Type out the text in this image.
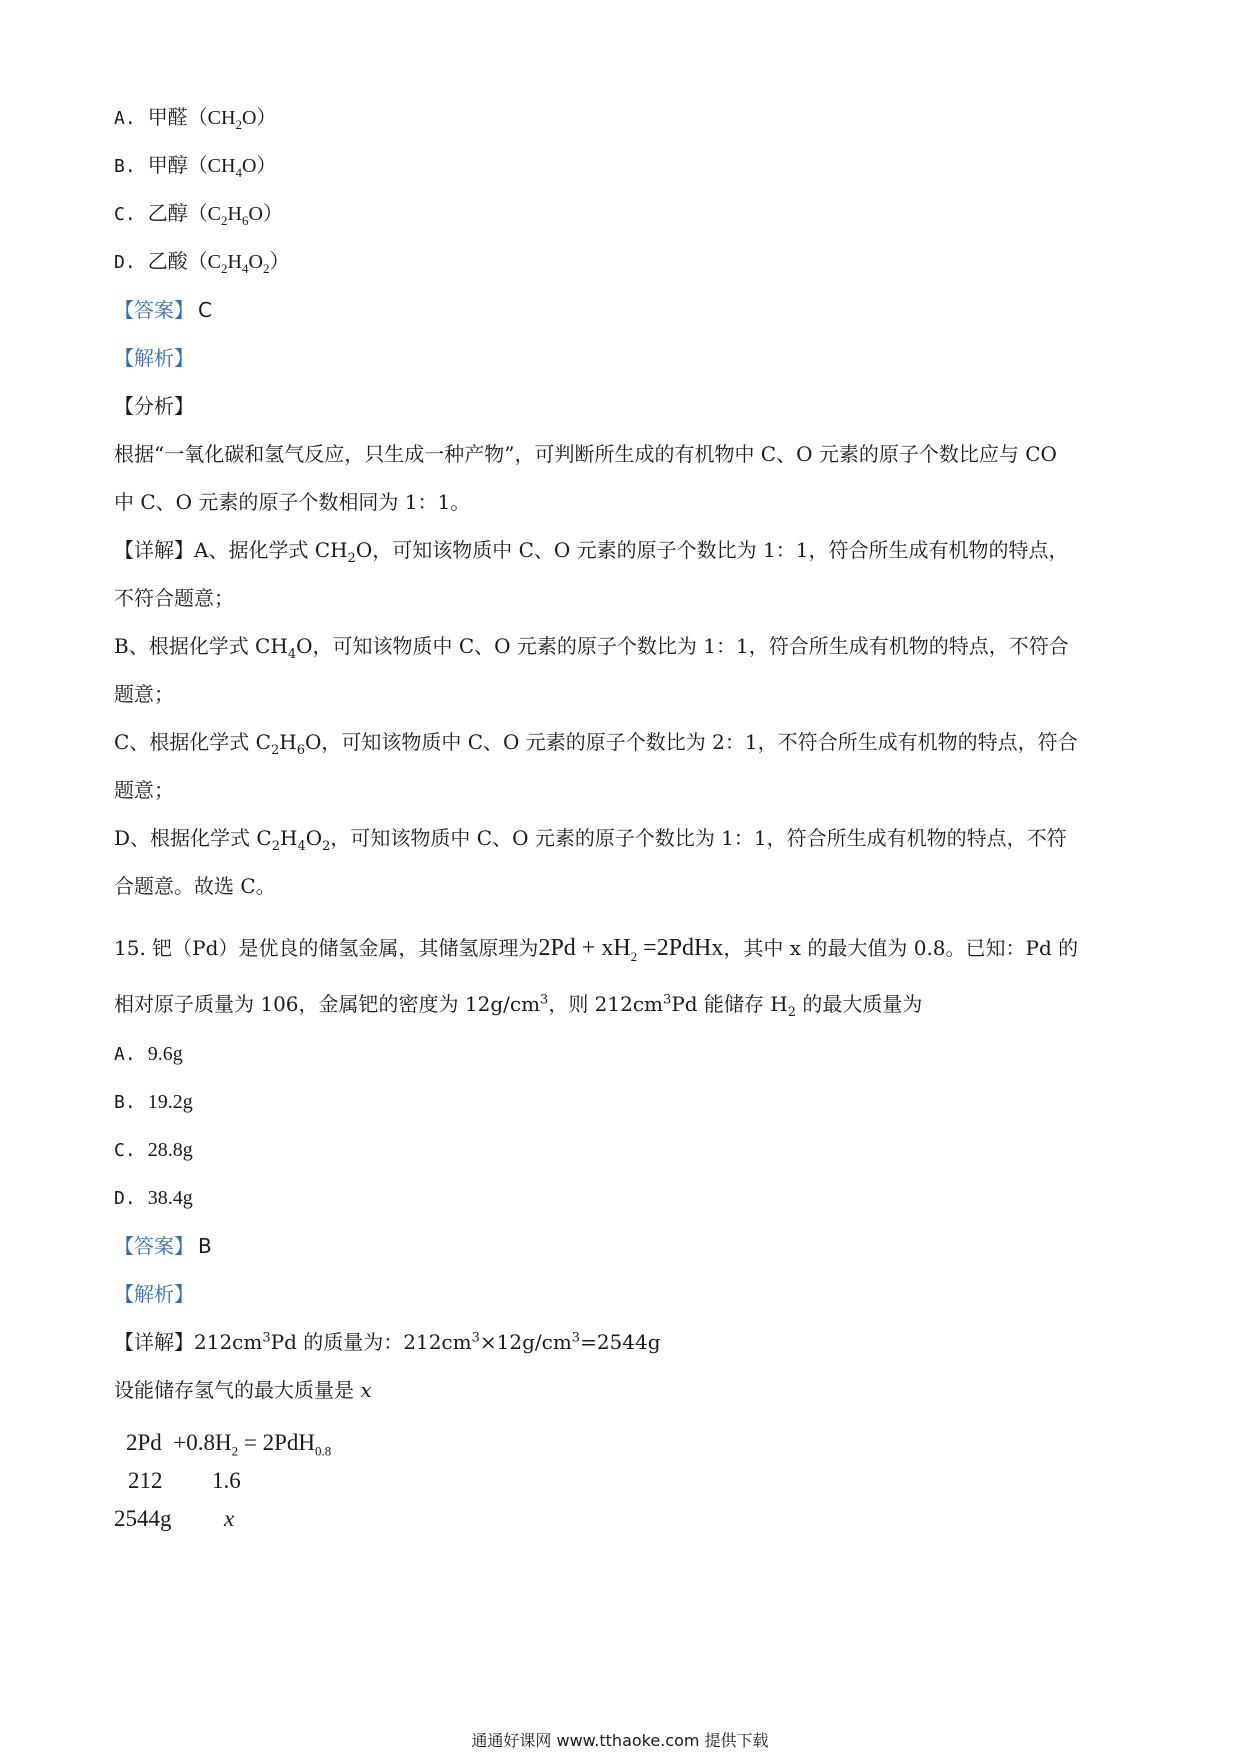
A. 甲醛$(CH_2O)$
B. 甲醇$(CH_4O)$
C. 乙醇$(C_2H_6O)$
D. 乙酸$(C_2H_4O_2)$
【答案】 C
【解析】
【分析】
根据“一氧化碳和氢气反应，只生成一种产物”，可判断所生成的有机物中 C、O 元素的原子个数比应与 CO
中 C、O 元素的原子个数相同为 1：1。
【详解】A、据化学式 $CH_2O$，可知该物质中 C、O 元素的原子个数比为 1：1，符合所生成有机物的特点，
不符合题意；
B、根据化学式 $CH_4O$，可知该物质中 C、O 元素的原子个数比为 1：1，符合所生成有机物的特点，不符合
题意；
C、根据化学式 $C_2H_6O$，可知该物质中 C、O 元素的原子个数比为 2：1，不符合所生成有机物的特点，符合
题意；
D、根据化学式 $C_2H_4O_2$，可知该物质中 C、O 元素的原子个数比为 1：1，符合所生成有机物的特点，不符
合题意。故选 C。
15. 钯（Pd）是优良的储氢金属，其储氢原理为$2Pd + xH_2$ =2PdHx，其中 x 的最大值为 0.8。已知：Pd 的
相对原子质量为 106，金属钯的密度为 $12g/cm^3$，则 $212cm^3Pd$ 能储存 $H_2$ 的最大质量为
A. 9.6g
B. 19.2g
C. 28.8g
D. 38.4g
【答案】 B
【解析】
【详解】$212cm^3Pd$ 的质量为：$212cm^3\times 12g/cm^3=2544g$
设能储存氢气的最大质量是 x
$2Pd +0.8H_2 = 2PdH_{0.8}$
212 1.6
2544g x
通通好课网 www.tthaoke.com 提供下载
